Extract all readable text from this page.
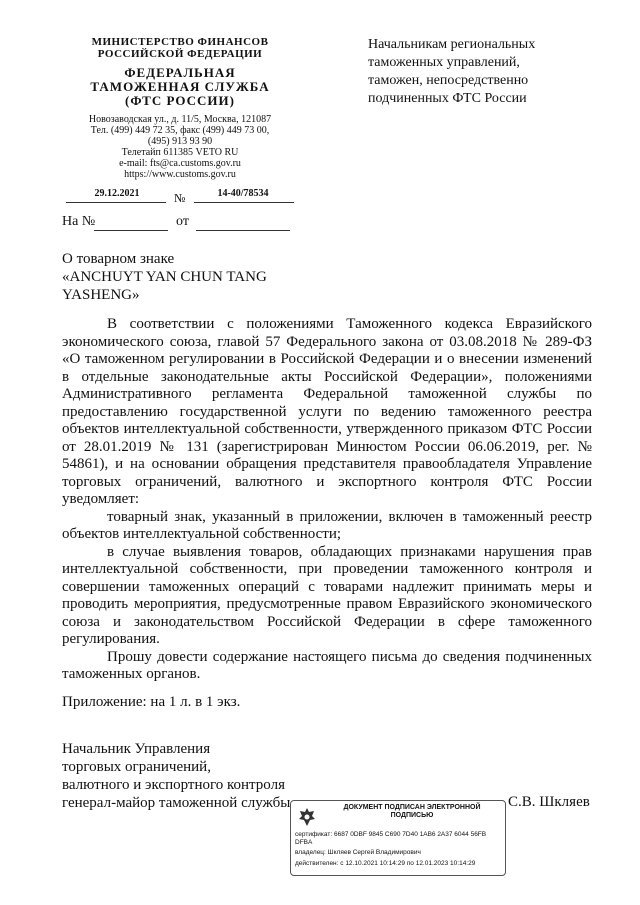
МИНИСТЕРСТВО ФИНАНСОВ
РОССИЙСКОЙ ФЕДЕРАЦИИ
ФЕДЕРАЛЬНАЯ
ТАМОЖЕННАЯ СЛУЖБА
(ФТС РОССИИ)
Новозаводская ул., д. 11/5, Москва, 121087
Тел. (499) 449 72 35, факс (499) 449 73 00,
(495) 913 93 90
Телетайп 611385 VETO RU
e-mail: fts@ca.customs.gov.ru
https://www.customs.gov.ru
29.12.2021	№	14-40/78534
На №	от
Начальникам региональных таможенных управлений, таможен, непосредственно подчиненных ФТС России
О товарном знаке
«ANCHUYT YAN CHUN TANG
YASHENG»
В соответствии с положениями Таможенного кодекса Евразийского экономического союза, главой 57 Федерального закона от 03.08.2018 № 289-ФЗ «О таможенном регулировании в Российской Федерации и о внесении изменений в отдельные законодательные акты Российской Федерации», положениями Административного регламента Федеральной таможенной службы по предоставлению государственной услуги по ведению таможенного реестра объектов интеллектуальной собственности, утвержденного приказом ФТС России от 28.01.2019 № 131 (зарегистрирован Минюстом России 06.06.2019, рег. № 54861), и на основании обращения представителя правообладателя Управление торговых ограничений, валютного и экспортного контроля ФТС России уведомляет:
товарный знак, указанный в приложении, включен в таможенный реестр объектов интеллектуальной собственности;
в случае выявления товаров, обладающих признаками нарушения прав интеллектуальной собственности, при проведении таможенного контроля и совершении таможенных операций с товарами надлежит принимать меры и проводить мероприятия, предусмотренные правом Евразийского экономического союза и законодательством Российской Федерации в сфере таможенного регулирования.
Прошу довести содержание настоящего письма до сведения подчиненных таможенных органов.
Приложение: на 1 л. в 1 экз.
Начальник Управления
торговых ограничений,
валютного и экспортного контроля
генерал-майор таможенной службы	С.В. Шкляев
ДОКУМЕНТ ПОДПИСАН ЭЛЕКТРОННОЙ
ПОДПИСЬЮ
сертификат: 6687 0DBF 9845 C690 7D40 1AB6 2A37 6044 56FB DFBA
владелец: Шкляев Сергей Владимирович
действителен: с 12.10.2021 10:14:29 по 12.01.2023 10:14:29
